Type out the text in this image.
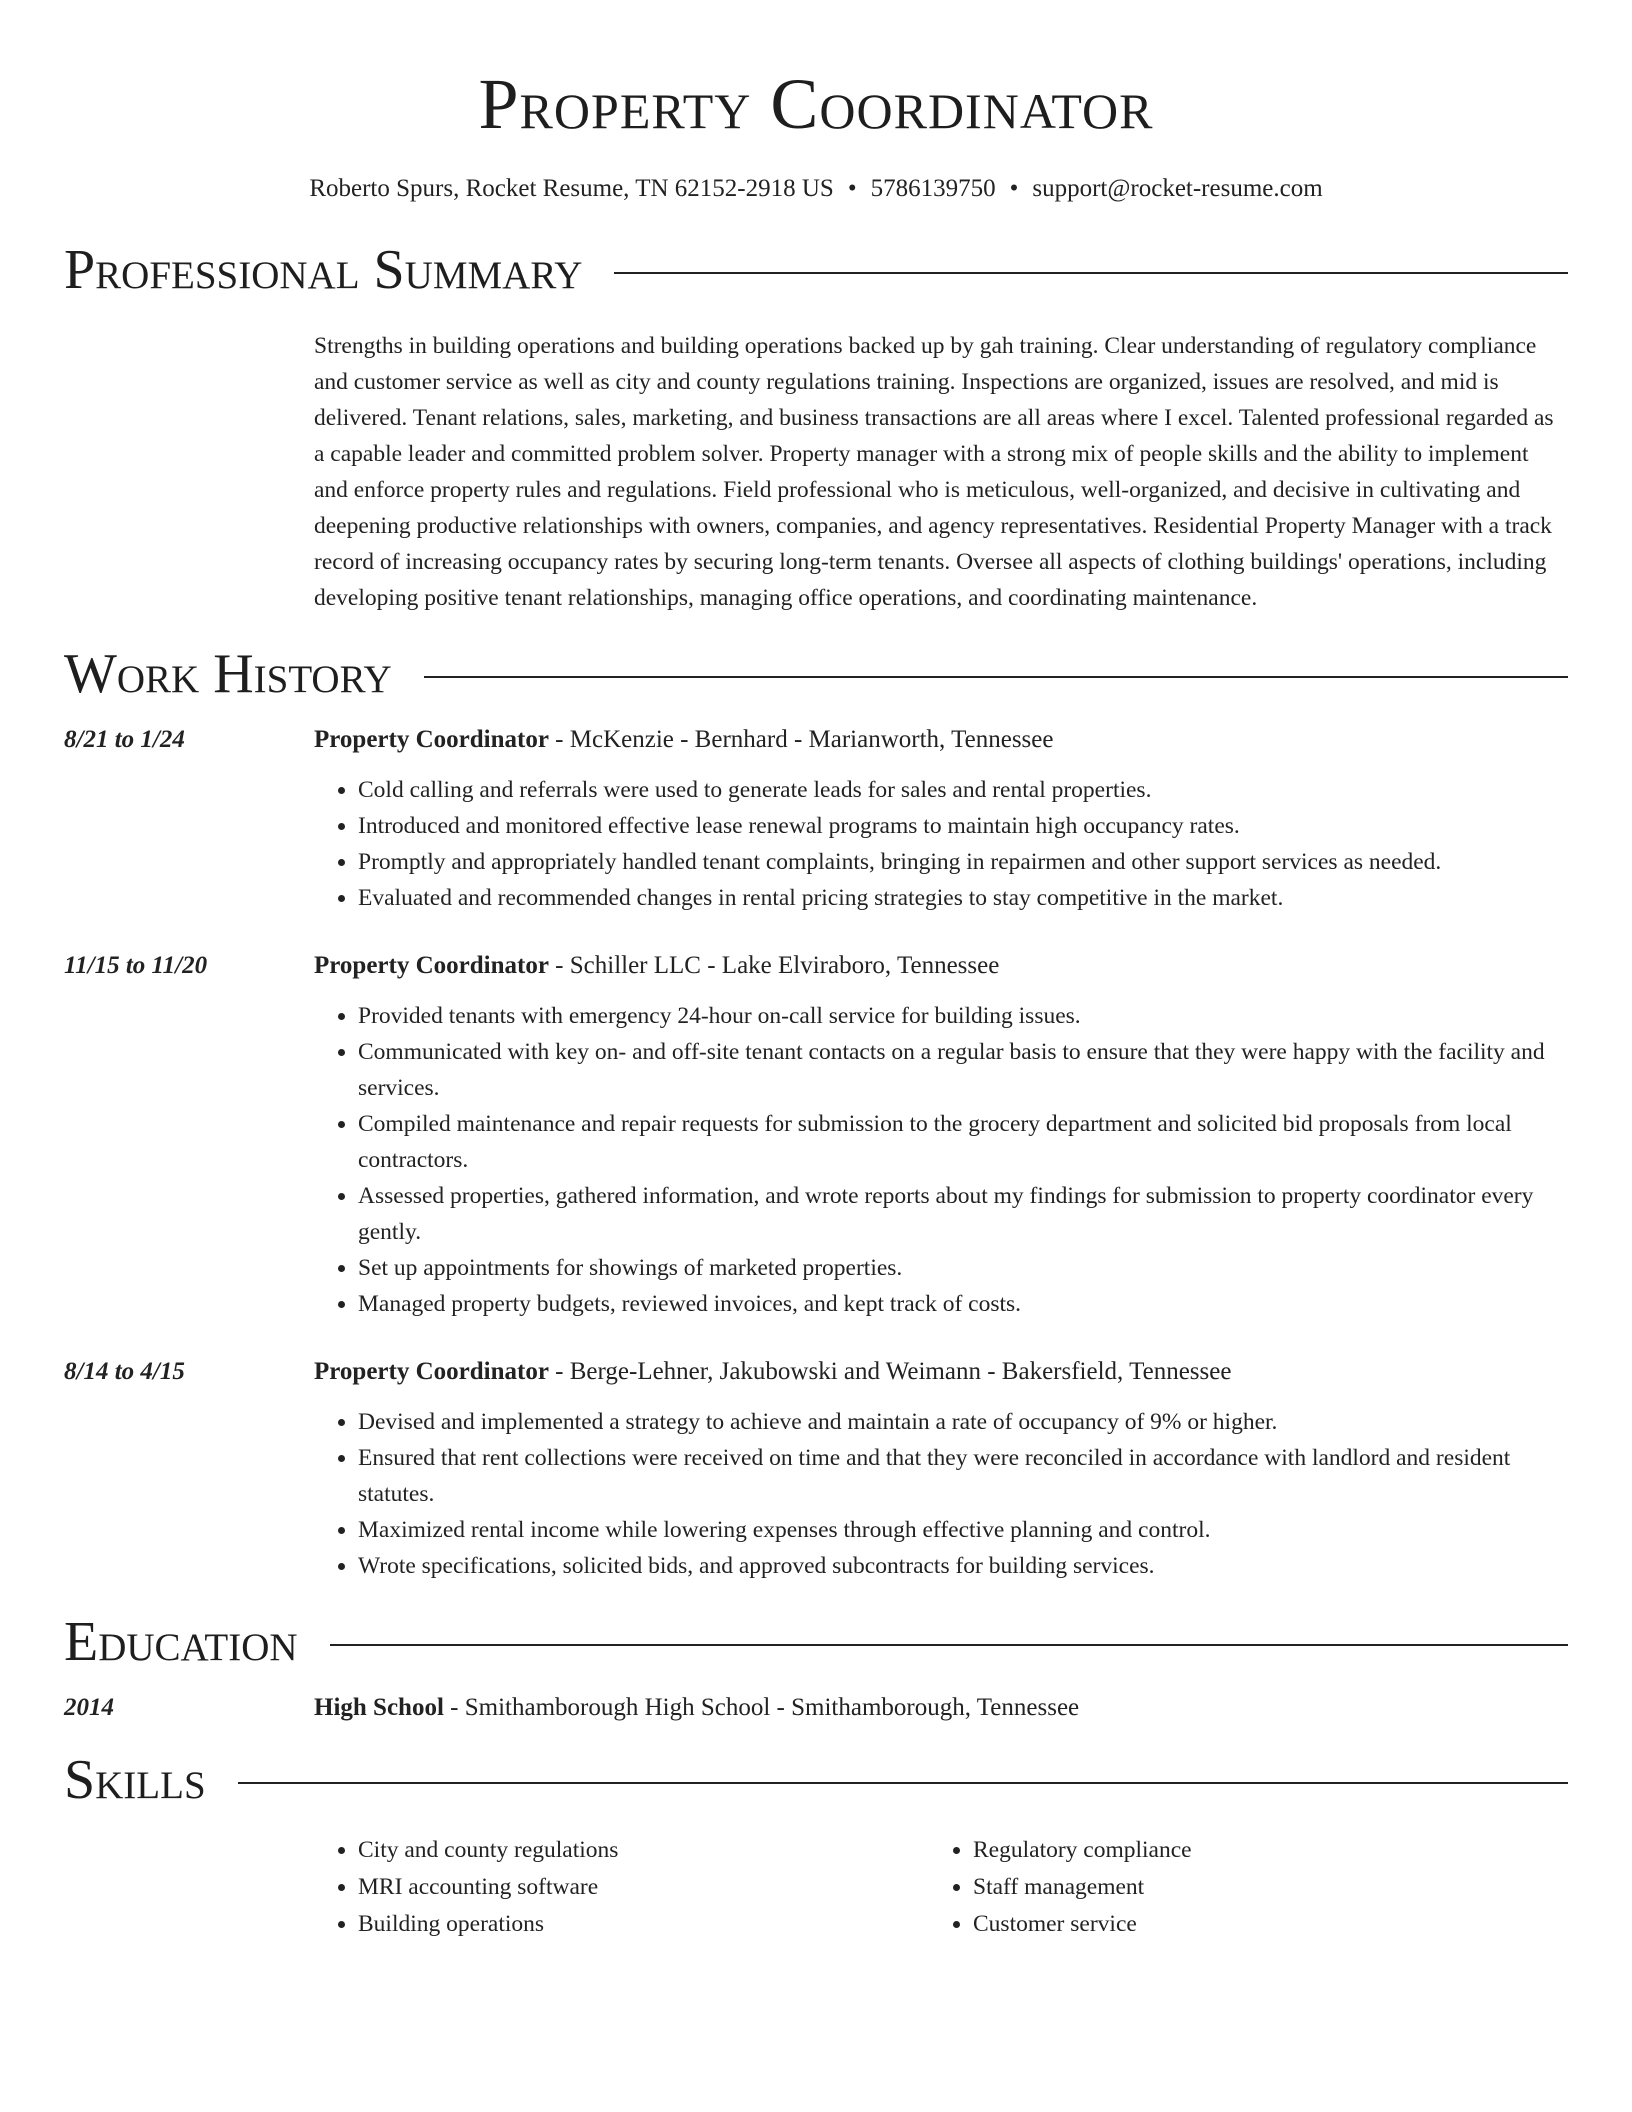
Property Coordinator
Roberto Spurs, Rocket Resume, TN 62152-2918 US • 5786139750 • support@rocket-resume.com
Professional Summary
Strengths in building operations and building operations backed up by gah training. Clear understanding of regulatory compliance and customer service as well as city and county regulations training. Inspections are organized, issues are resolved, and mid is delivered. Tenant relations, sales, marketing, and business transactions are all areas where I excel. Talented professional regarded as a capable leader and committed problem solver. Property manager with a strong mix of people skills and the ability to implement and enforce property rules and regulations. Field professional who is meticulous, well-organized, and decisive in cultivating and deepening productive relationships with owners, companies, and agency representatives. Residential Property Manager with a track record of increasing occupancy rates by securing long-term tenants. Oversee all aspects of clothing buildings' operations, including developing positive tenant relationships, managing office operations, and coordinating maintenance.
Work History
8/21 to 1/24	Property Coordinator - McKenzie - Bernhard - Marianworth, Tennessee
• Cold calling and referrals were used to generate leads for sales and rental properties.
• Introduced and monitored effective lease renewal programs to maintain high occupancy rates.
• Promptly and appropriately handled tenant complaints, bringing in repairmen and other support services as needed.
• Evaluated and recommended changes in rental pricing strategies to stay competitive in the market.
11/15 to 11/20	Property Coordinator - Schiller LLC - Lake Elviraboro, Tennessee
• Provided tenants with emergency 24-hour on-call service for building issues.
• Communicated with key on- and off-site tenant contacts on a regular basis to ensure that they were happy with the facility and services.
• Compiled maintenance and repair requests for submission to the grocery department and solicited bid proposals from local contractors.
• Assessed properties, gathered information, and wrote reports about my findings for submission to property coordinator every gently.
• Set up appointments for showings of marketed properties.
• Managed property budgets, reviewed invoices, and kept track of costs.
8/14 to 4/15	Property Coordinator - Berge-Lehner, Jakubowski and Weimann - Bakersfield, Tennessee
• Devised and implemented a strategy to achieve and maintain a rate of occupancy of 9% or higher.
• Ensured that rent collections were received on time and that they were reconciled in accordance with landlord and resident statutes.
• Maximized rental income while lowering expenses through effective planning and control.
• Wrote specifications, solicited bids, and approved subcontracts for building services.
Education
2014	High School - Smithamborough High School - Smithamborough, Tennessee
Skills
• City and county regulations
• MRI accounting software
• Building operations
• Regulatory compliance
• Staff management
• Customer service
